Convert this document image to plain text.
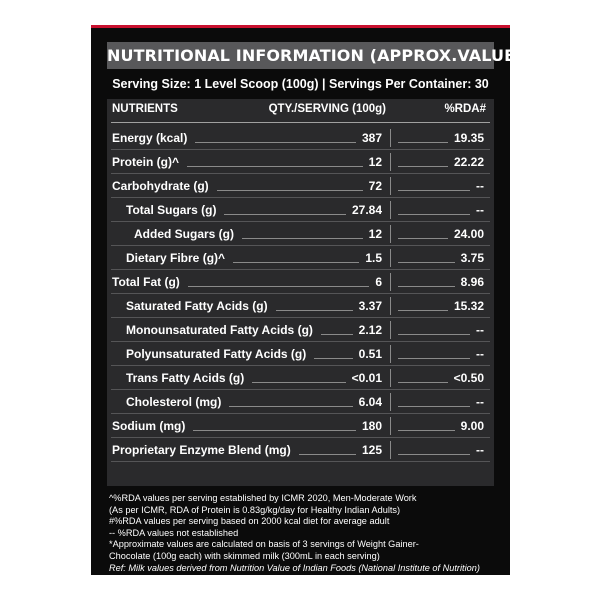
NUTRITIONAL INFORMATION (APPROX.VALUES):
Serving Size: 1 Level Scoop (100g) | Servings Per Container: 30
NUTRIENTS	QTY./SERVING (100g)	%RDA#
Energy (kcal)	387	19.35
Protein (g)^	12	22.22
Carbohydrate (g)	72	--
Total Sugars (g)	27.84	--
Added Sugars (g)	12	24.00
Dietary Fibre (g)^	1.5	3.75
Total Fat (g)	6	8.96
Saturated Fatty Acids (g)	3.37	15.32
Monounsaturated Fatty Acids (g)	2.12	--
Polyunsaturated Fatty Acids (g)	0.51	--
Trans Fatty Acids (g)	<0.01	<0.50
Cholesterol (mg)	6.04	--
Sodium (mg)	180	9.00
Proprietary Enzyme Blend (mg)	125	--
^%RDA values per serving established by ICMR 2020, Men-Moderate Work
(As per ICMR, RDA of Protein is 0.83g/kg/day for Healthy Indian Adults)
#%RDA values per serving based on 2000 kcal diet for average adult
-- %RDA values not established
*Approximate values are calculated on basis of 3 servings of Weight Gainer-
Chocolate (100g each) with skimmed milk (300mL in each serving)
Ref: Milk values derived from Nutrition Value of Indian Foods (National Institute of Nutrition)
